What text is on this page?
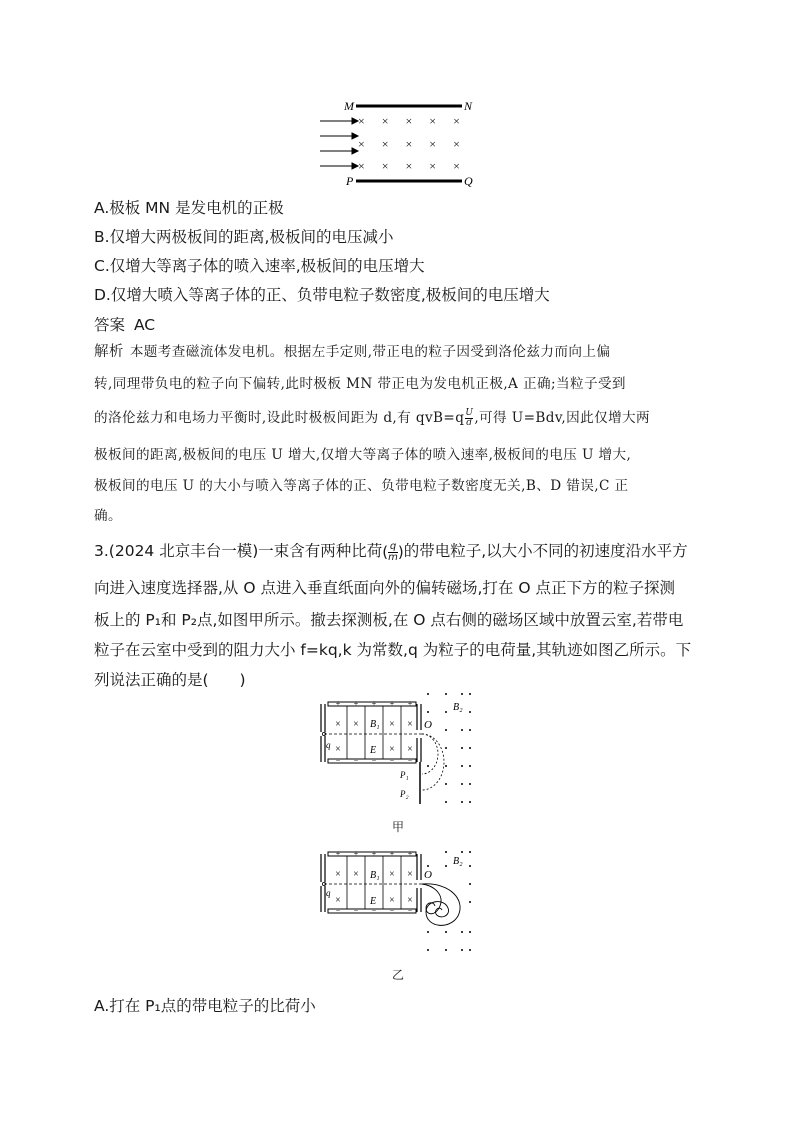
M	N
× × × × ×
× × × × ×
× × × × ×
P	Q
A.极板 MN 是发电机的正极
B.仅增大两极板间的距离,极板间的电压减小
C.仅增大等离子体的喷入速率,极板间的电压增大
D.仅增大喷入等离子体的正、负带电粒子数密度,极板间的电压增大
答案 AC
解析 本题考查磁流体发电机。根据左手定则,带正电的粒子因受到洛伦兹力而向上偏
转,同理带负电的粒子向下偏转,此时极板 MN 带正电为发电机正极,A 正确;当粒子受到
的洛伦兹力和电场力平衡时,设此时极板间距为 d,有 $qvB=q \frac{U}{d}$ ,可得 U=Bdv,因此仅增大两
极板间的距离,极板间的电压 U 增大,仅增大等离子体的喷入速率,极板间的电压 U 增大,
极板间的电压 U 的大小与喷入等离子体的正、负带电粒子数密度无关,B、D 错误,C 正
确。
3.(2024 北京丰台一模)一束含有两种比荷( $\frac{q}{m}$ )的带电粒子,以大小不同的初速度沿水平方
向进入速度选择器,从 O 点进入垂直纸面向外的偏转磁场,打在 O 点正下方的粒子探测
板上的 P₁和 P₂点,如图甲所示。撤去探测板,在 O 点右侧的磁场区域中放置云室,若带电
粒子在云室中受到的阻力大小 f=kq,k 为常数,q 为粒子的电荷量,其轨迹如图乙所示。下
列说法正确的是(　　)
+ + + + +
− − − − −
× ×	× ×
×	×
×
B₁
E
q
O
P₁
P₂
B₂
甲
+ + + + +
− − − − −
× ×	× ×
×	×
×
B₁
E
q
O
B₂
乙
A.打在 P₁点的带电粒子的比荷小
